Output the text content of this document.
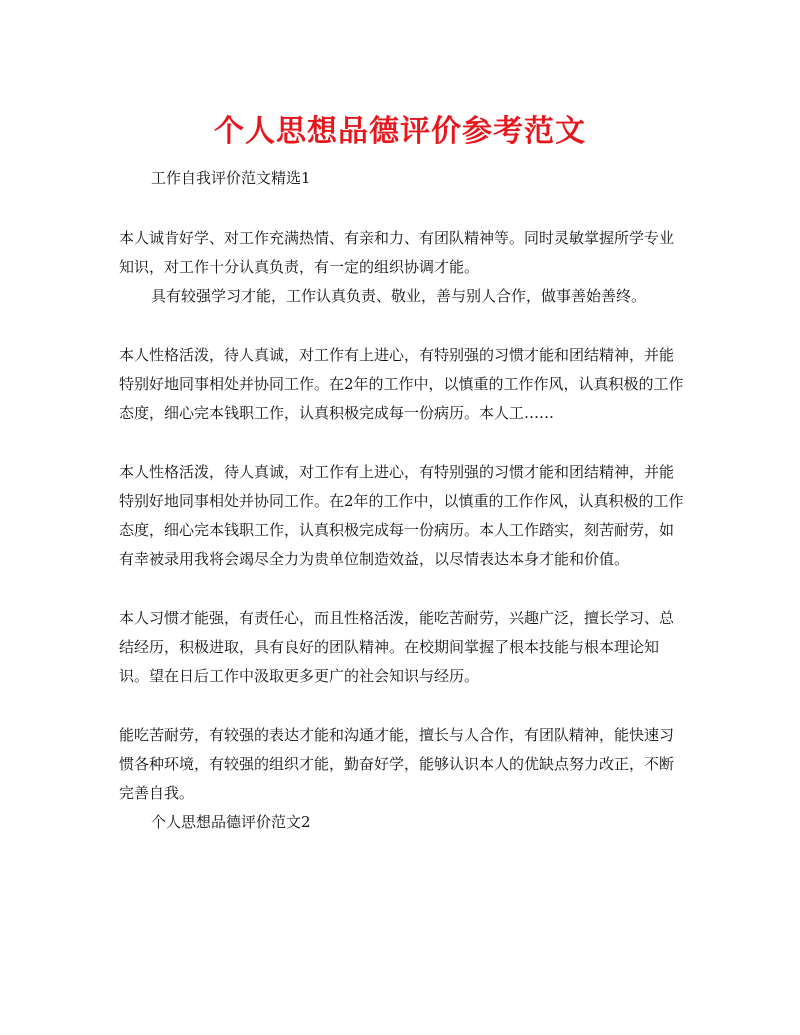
个人思想品德评价参考范文

工作自我评价范文精选1

本人诚肯好学、对工作充满热情、有亲和力、有团队精神等。同时灵敏掌握所学专业知识，对工作十分认真负责，有一定的组织协调才能。

具有较强学习才能，工作认真负责、敬业，善与别人合作，做事善始善终。

本人性格活泼，待人真诚，对工作有上进心，有特别强的习惯才能和团结精神，并能特别好地同事相处并协同工作。在2年的工作中，以慎重的工作作风，认真积极的工作态度，细心完本钱职工作，认真积极完成每一份病历。本人工……

本人性格活泼，待人真诚，对工作有上进心，有特别强的习惯才能和团结精神，并能特别好地同事相处并协同工作。在2年的工作中，以慎重的工作作风，认真积极的工作态度，细心完本钱职工作，认真积极完成每一份病历。本人工作踏实，刻苦耐劳，如有幸被录用我将会竭尽全力为贵单位制造效益，以尽情表达本身才能和价值。

本人习惯才能强，有责任心，而且性格活泼，能吃苦耐劳，兴趣广泛，擅长学习、总结经历，积极进取，具有良好的团队精神。在校期间掌握了根本技能与根本理论知识。望在日后工作中汲取更多更广的社会知识与经历。

能吃苦耐劳，有较强的表达才能和沟通才能，擅长与人合作，有团队精神，能快速习惯各种环境，有较强的组织才能，勤奋好学，能够认识本人的优缺点努力改正，不断完善自我。

个人思想品德评价范文2
